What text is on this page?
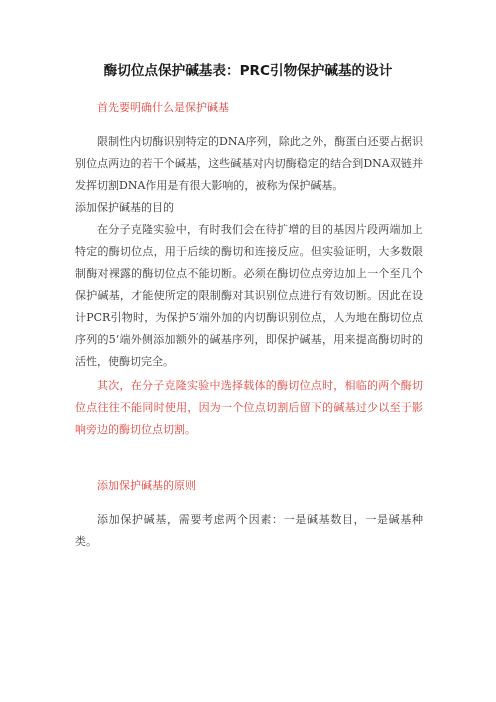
酶切位点保护碱基表：PRC引物保护碱基的设计

首先要明确什么是保护碱基

限制性内切酶识别特定的DNA序列，除此之外，酶蛋白还要占据识别位点两边的若干个碱基，这些碱基对内切酶稳定的结合到DNA双链并发挥切割DNA作用是有很大影响的，被称为保护碱基。

添加保护碱基的目的

在分子克隆实验中，有时我们会在待扩增的目的基因片段两端加上特定的酶切位点，用于后续的酶切和连接反应。但实验证明，大多数限制酶对裸露的酶切位点不能切断。必须在酶切位点旁边加上一个至几个保护碱基，才能使所定的限制酶对其识别位点进行有效切断。因此在设计PCR引物时，为保护5′端外加的内切酶识别位点，人为地在酶切位点序列的5‘端外侧添加额外的碱基序列，即保护碱基，用来提高酶切时的活性，使酶切完全。

其次，在分子克隆实验中选择载体的酶切位点时，相临的两个酶切位点往往不能同时使用，因为一个位点切割后留下的碱基过少以至于影响旁边的酶切位点切割。

添加保护碱基的原则

添加保护碱基，需要考虑两个因素：一是碱基数目，一是碱基种类。
